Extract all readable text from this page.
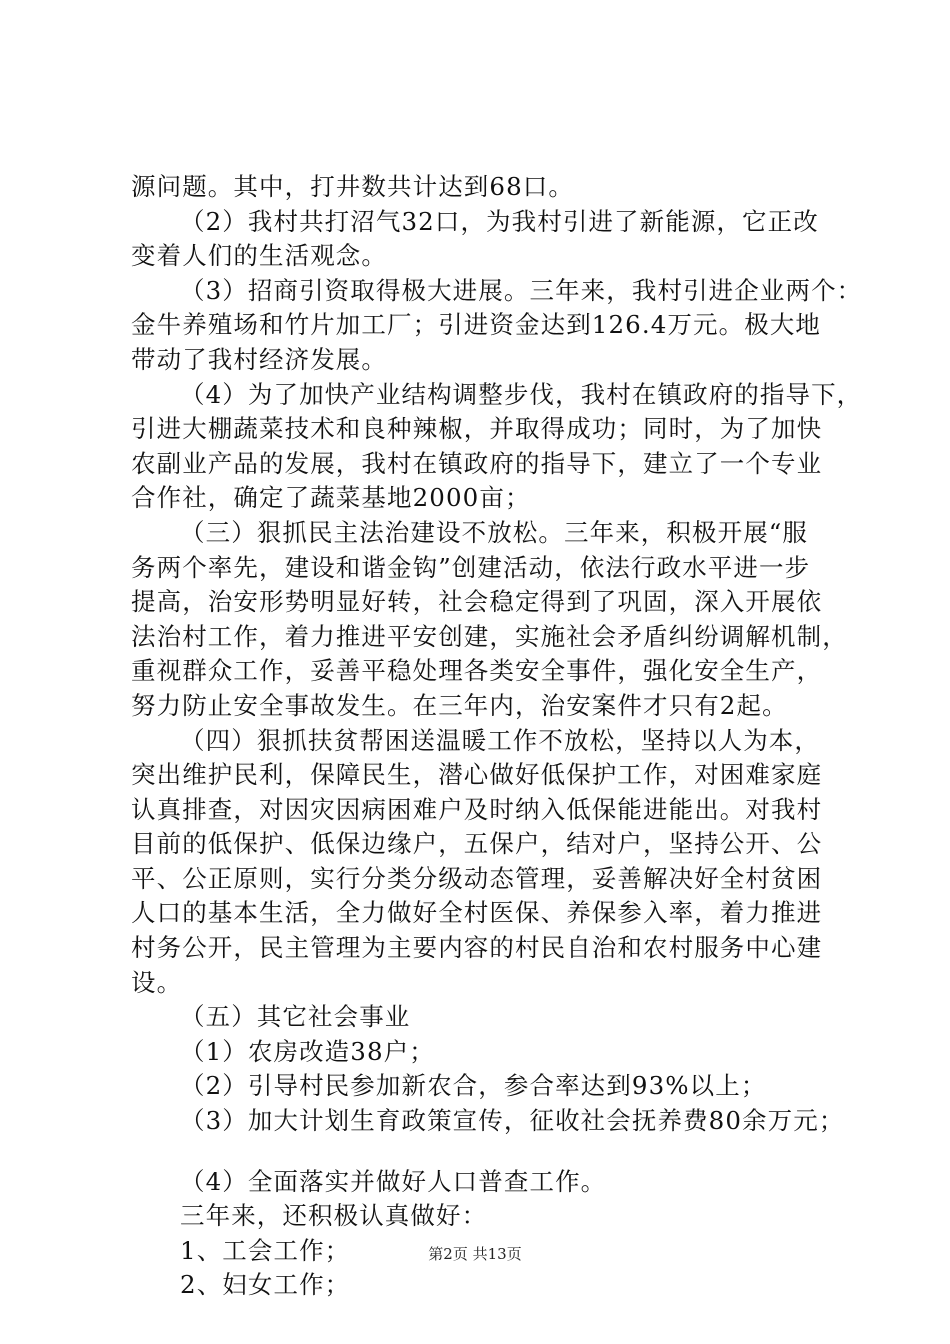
源问题。其中，打井数共计达到68口。
（2）我村共打沼气32口，为我村引进了新能源，它正改
变着人们的生活观念。
（3）招商引资取得极大进展。三年来，我村引进企业两个：
金牛养殖场和竹片加工厂；引进资金达到126.4万元。极大地
带动了我村经济发展。
（4）为了加快产业结构调整步伐，我村在镇政府的指导下，
引进大棚蔬菜技术和良种辣椒，并取得成功；同时，为了加快
农副业产品的发展，我村在镇政府的指导下，建立了一个专业
合作社，确定了蔬菜基地2000亩；
（三）狠抓民主法治建设不放松。三年来，积极开展“服
务两个率先，建设和谐金钩”创建活动，依法行政水平进一步
提高，治安形势明显好转，社会稳定得到了巩固，深入开展依
法治村工作，着力推进平安创建，实施社会矛盾纠纷调解机制，
重视群众工作，妥善平稳处理各类安全事件，强化安全生产，
努力防止安全事故发生。在三年内，治安案件才只有2起。
（四）狠抓扶贫帮困送温暖工作不放松，坚持以人为本，
突出维护民利，保障民生，潜心做好低保护工作，对困难家庭
认真排查，对因灾因病困难户及时纳入低保能进能出。对我村
目前的低保护、低保边缘户，五保户，结对户，坚持公开、公
平、公正原则，实行分类分级动态管理，妥善解决好全村贫困
人口的基本生活，全力做好全村医保、养保参入率，着力推进
村务公开，民主管理为主要内容的村民自治和农村服务中心建
设。
（五）其它社会事业
（1）农房改造38户；
（2）引导村民参加新农合，参合率达到93%以上；
（3）加大计划生育政策宣传，征收社会抚养费80余万元；
（4）全面落实并做好人口普查工作。
三年来，还积极认真做好：
1、工会工作；
2、妇女工作；
第2页 共13页
